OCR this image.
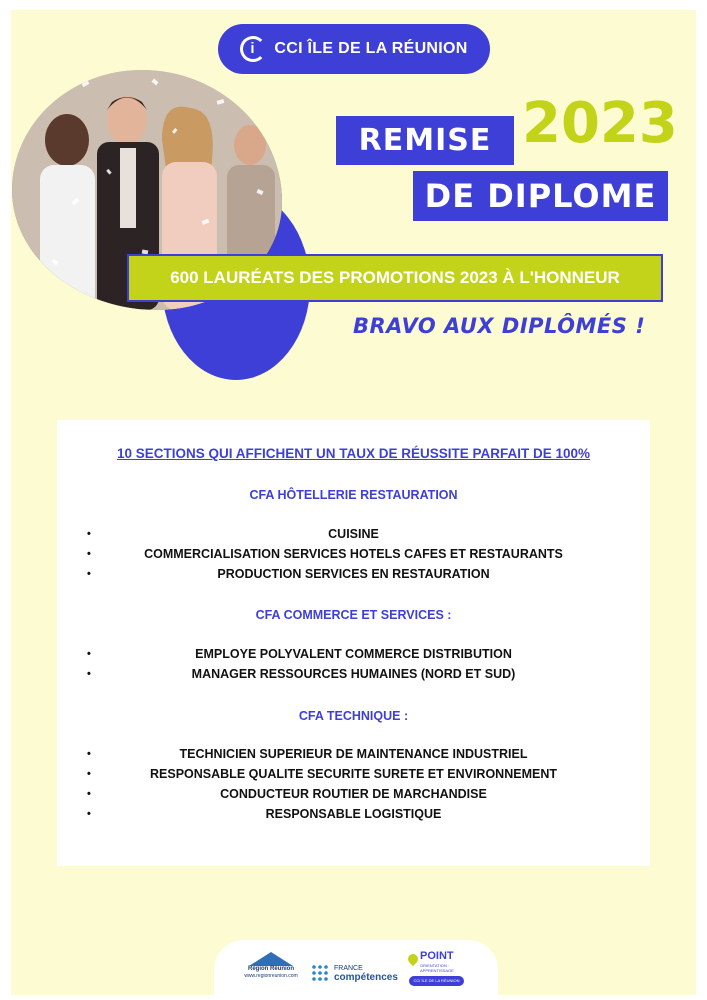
i
CCI ÎLE DE LA RÉUNION
REMISE 2023
DE DIPLOME
600 LAURÉATS DES PROMOTIONS 2023 À L'HONNEUR
BRAVO AUX DIPLÔMÉS !
10 SECTIONS QUI AFFICHENT UN TAUX DE RÉUSSITE PARFAIT DE 100%
CFA HÔTELLERIE RESTAURATION
•	CUISINE
•	COMMERCIALISATION SERVICES HOTELS CAFES ET RESTAURANTS
•	PRODUCTION SERVICES EN RESTAURATION
CFA COMMERCE ET SERVICES :
•	EMPLOYE POLYVALENT COMMERCE DISTRIBUTION
•	MANAGER RESSOURCES HUMAINES (NORD ET SUD)
CFA TECHNIQUE :
•	TECHNICIEN SUPERIEUR DE MAINTENANCE INDUSTRIEL
•	RESPONSABLE QUALITE SECURITE SURETE ET ENVIRONNEMENT
•	CONDUCTEUR ROUTIER DE MARCHANDISE
•	RESPONSABLE LOGISTIQUE
Région Réunion
www.regionreunion.com
FRANCE
compétences
POINT
ORIENTATION · APPRENTISSAGE
CCI ÎLE DE LA RÉUNION
